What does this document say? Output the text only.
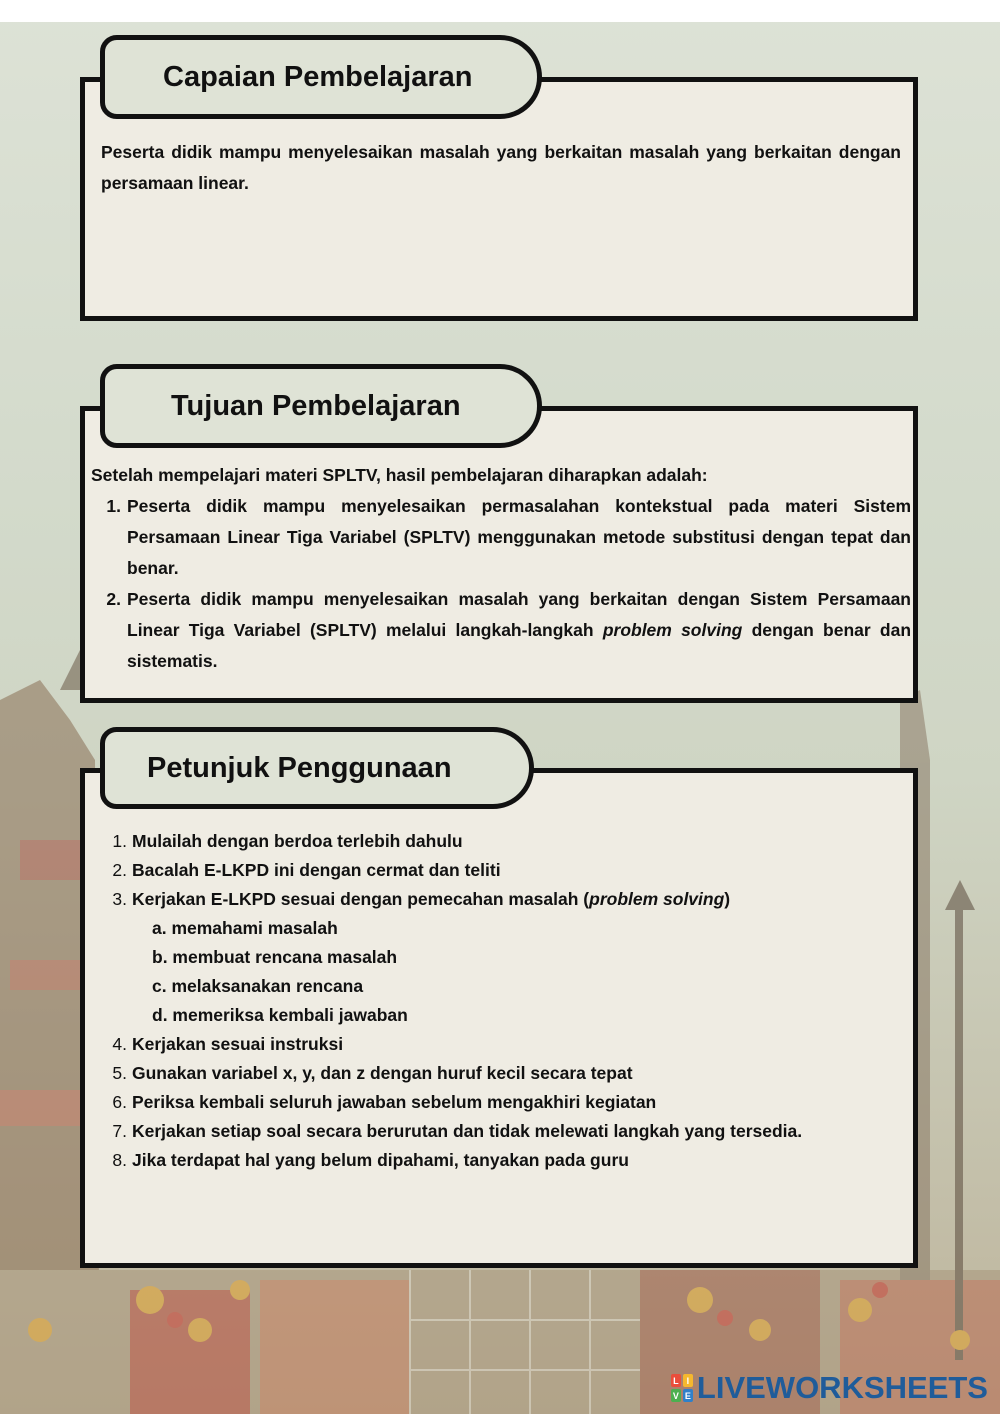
Capaian Pembelajaran
Peserta didik mampu menyelesaikan masalah yang berkaitan masalah yang berkaitan dengan persamaan linear.
Tujuan Pembelajaran
Setelah mempelajari materi SPLTV, hasil pembelajaran diharapkan adalah:
1. Peserta didik mampu menyelesaikan permasalahan kontekstual pada materi Sistem Persamaan Linear Tiga Variabel (SPLTV) menggunakan metode substitusi dengan tepat dan benar.
2. Peserta didik mampu menyelesaikan masalah yang berkaitan dengan Sistem Persamaan Linear Tiga Variabel (SPLTV) melalui langkah-langkah problem solving dengan benar dan sistematis.
Petunjuk Penggunaan
1. Mulailah dengan berdoa terlebih dahulu
2. Bacalah E-LKPD ini dengan cermat dan teliti
3. Kerjakan E-LKPD sesuai dengan pemecahan masalah (problem solving)
a. memahami masalah
b. membuat rencana masalah
c. melaksanakan rencana
d. memeriksa kembali jawaban
4. Kerjakan sesuai instruksi
5. Gunakan variabel x, y, dan z dengan huruf kecil secara tepat
6. Periksa kembali seluruh jawaban sebelum mengakhiri kegiatan
7. Kerjakan setiap soal secara berurutan dan tidak melewati langkah yang tersedia.
8. Jika terdapat hal yang belum dipahami, tanyakan pada guru
L I
V E LIVEWORKSHEETS
